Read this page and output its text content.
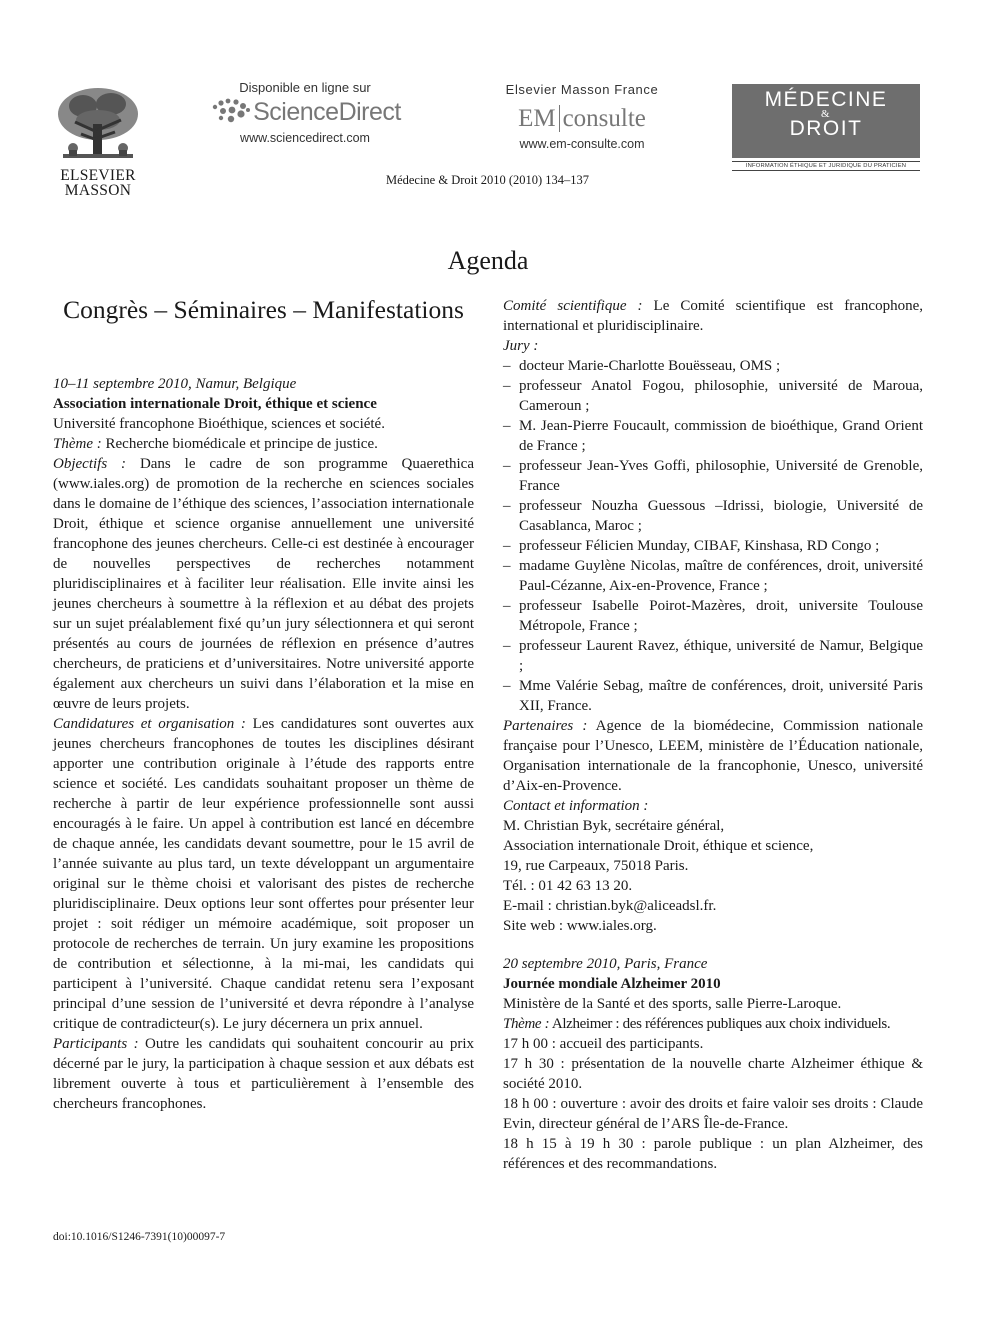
ELSEVIER
MASSON
Disponible en ligne sur
ScienceDirect
www.sciencedirect.com
Elsevier Masson France
EM consulte
www.em-consulte.com
MÉDECINE
&
DROIT
INFORMATION ÉTHIQUE ET JURIDIQUE DU PRATICIEN
Médecine & Droit 2010 (2010) 134–137
Agenda
Congrès – Séminaires – Manifestations

10–11 septembre 2010, Namur, Belgique

Association internationale Droit, éthique et science

Université francophone Bioéthique, sciences et société.

Thème : Recherche biomédicale et principe de justice.

Objectifs : Dans le cadre de son programme Quaerethica (www.iales.org) de promotion de la recherche en sciences sociales dans le domaine de l’éthique des sciences, l’association internationale Droit, éthique et science organise annuellement une université francophone des jeunes chercheurs. Celle-ci est destinée à encourager de nouvelles perspectives de recherches notamment pluridisciplinaires et à faciliter leur réalisation. Elle invite ainsi les jeunes chercheurs à soumettre à la réflexion et au débat des projets sur un sujet préalablement fixé qu’un jury sélectionnera et qui seront présentés au cours de journées de réflexion en présence d’autres chercheurs, de praticiens et d’universitaires. Notre université apporte également aux chercheurs un suivi dans l’élaboration et la mise en œuvre de leurs projets.

Candidatures et organisation : Les candidatures sont ouvertes aux jeunes chercheurs francophones de toutes les disciplines désirant apporter une contribution originale à l’étude des rapports entre science et société. Les candidats souhaitant proposer un thème de recherche à partir de leur expérience professionnelle sont aussi encouragés à le faire. Un appel à contribution est lancé en décembre de chaque année, les candidats devant soumettre, pour le 15 avril de l’année suivante au plus tard, un texte développant un argumentaire original sur le thème choisi et valorisant des pistes de recherche pluridisciplinaire. Deux options leur sont offertes pour présenter leur projet : soit rédiger un mémoire académique, soit proposer un protocole de recherches de terrain. Un jury examine les propositions de contribution et sélectionne, à la mi-mai, les candidats qui participent à l’université. Chaque candidat retenu sera l’exposant principal d’une session de l’université et devra répondre à l’analyse critique de contradicteur(s). Le jury décernera un prix annuel.

Participants : Outre les candidats qui souhaitent concourir au prix décerné par le jury, la participation à chaque session et aux débats est librement ouverte à tous et particulièrement à l’ensemble des chercheurs francophones.

Comité scientifique : Le Comité scientifique est francophone, international et pluridisciplinaire.

Jury :

– docteur Marie-Charlotte Bouësseau, OMS ;
– professeur Anatol Fogou, philosophie, université de Maroua, Cameroun ;
– M. Jean-Pierre Foucault, commission de bioéthique, Grand Orient de France ;
– professeur Jean-Yves Goffi, philosophie, Université de Grenoble, France
– professeur Nouzha Guessous –Idrissi, biologie, Université de Casablanca, Maroc ;
– professeur Félicien Munday, CIBAF, Kinshasa, RD Congo ;
– madame Guylène Nicolas, maître de conférences, droit, université Paul-Cézanne, Aix-en-Provence, France ;
– professeur Isabelle Poirot-Mazères, droit, universite Toulouse Métropole, France ;
– professeur Laurent Ravez, éthique, université de Namur, Belgique ;
– Mme Valérie Sebag, maître de conférences, droit, université Paris XII, France.

Partenaires : Agence de la biomédecine, Commission nationale française pour l’Unesco, LEEM, ministère de l’Éducation nationale, Organisation internationale de la francophonie, Unesco, université d’Aix-en-Provence.

Contact et information :

M. Christian Byk, secrétaire général,

Association internationale Droit, éthique et science,

19, rue Carpeaux, 75018 Paris.

Tél. : 01 42 63 13 20.

E-mail : christian.byk@aliceadsl.fr.

Site web : www.iales.org.

20 septembre 2010, Paris, France

Journée mondiale Alzheimer 2010

Ministère de la Santé et des sports, salle Pierre-Laroque.

Thème : Alzheimer : des références publiques aux choix individuels.

17 h 00 : accueil des participants.

17 h 30 : présentation de la nouvelle charte Alzheimer éthique & société 2010.

18 h 00 : ouverture : avoir des droits et faire valoir ses droits : Claude Evin, directeur général de l’ARS Île-de-France.

18 h 15 à 19 h 30 : parole publique : un plan Alzheimer, des références et des recommandations.

doi:10.1016/S1246-7391(10)00097-7
